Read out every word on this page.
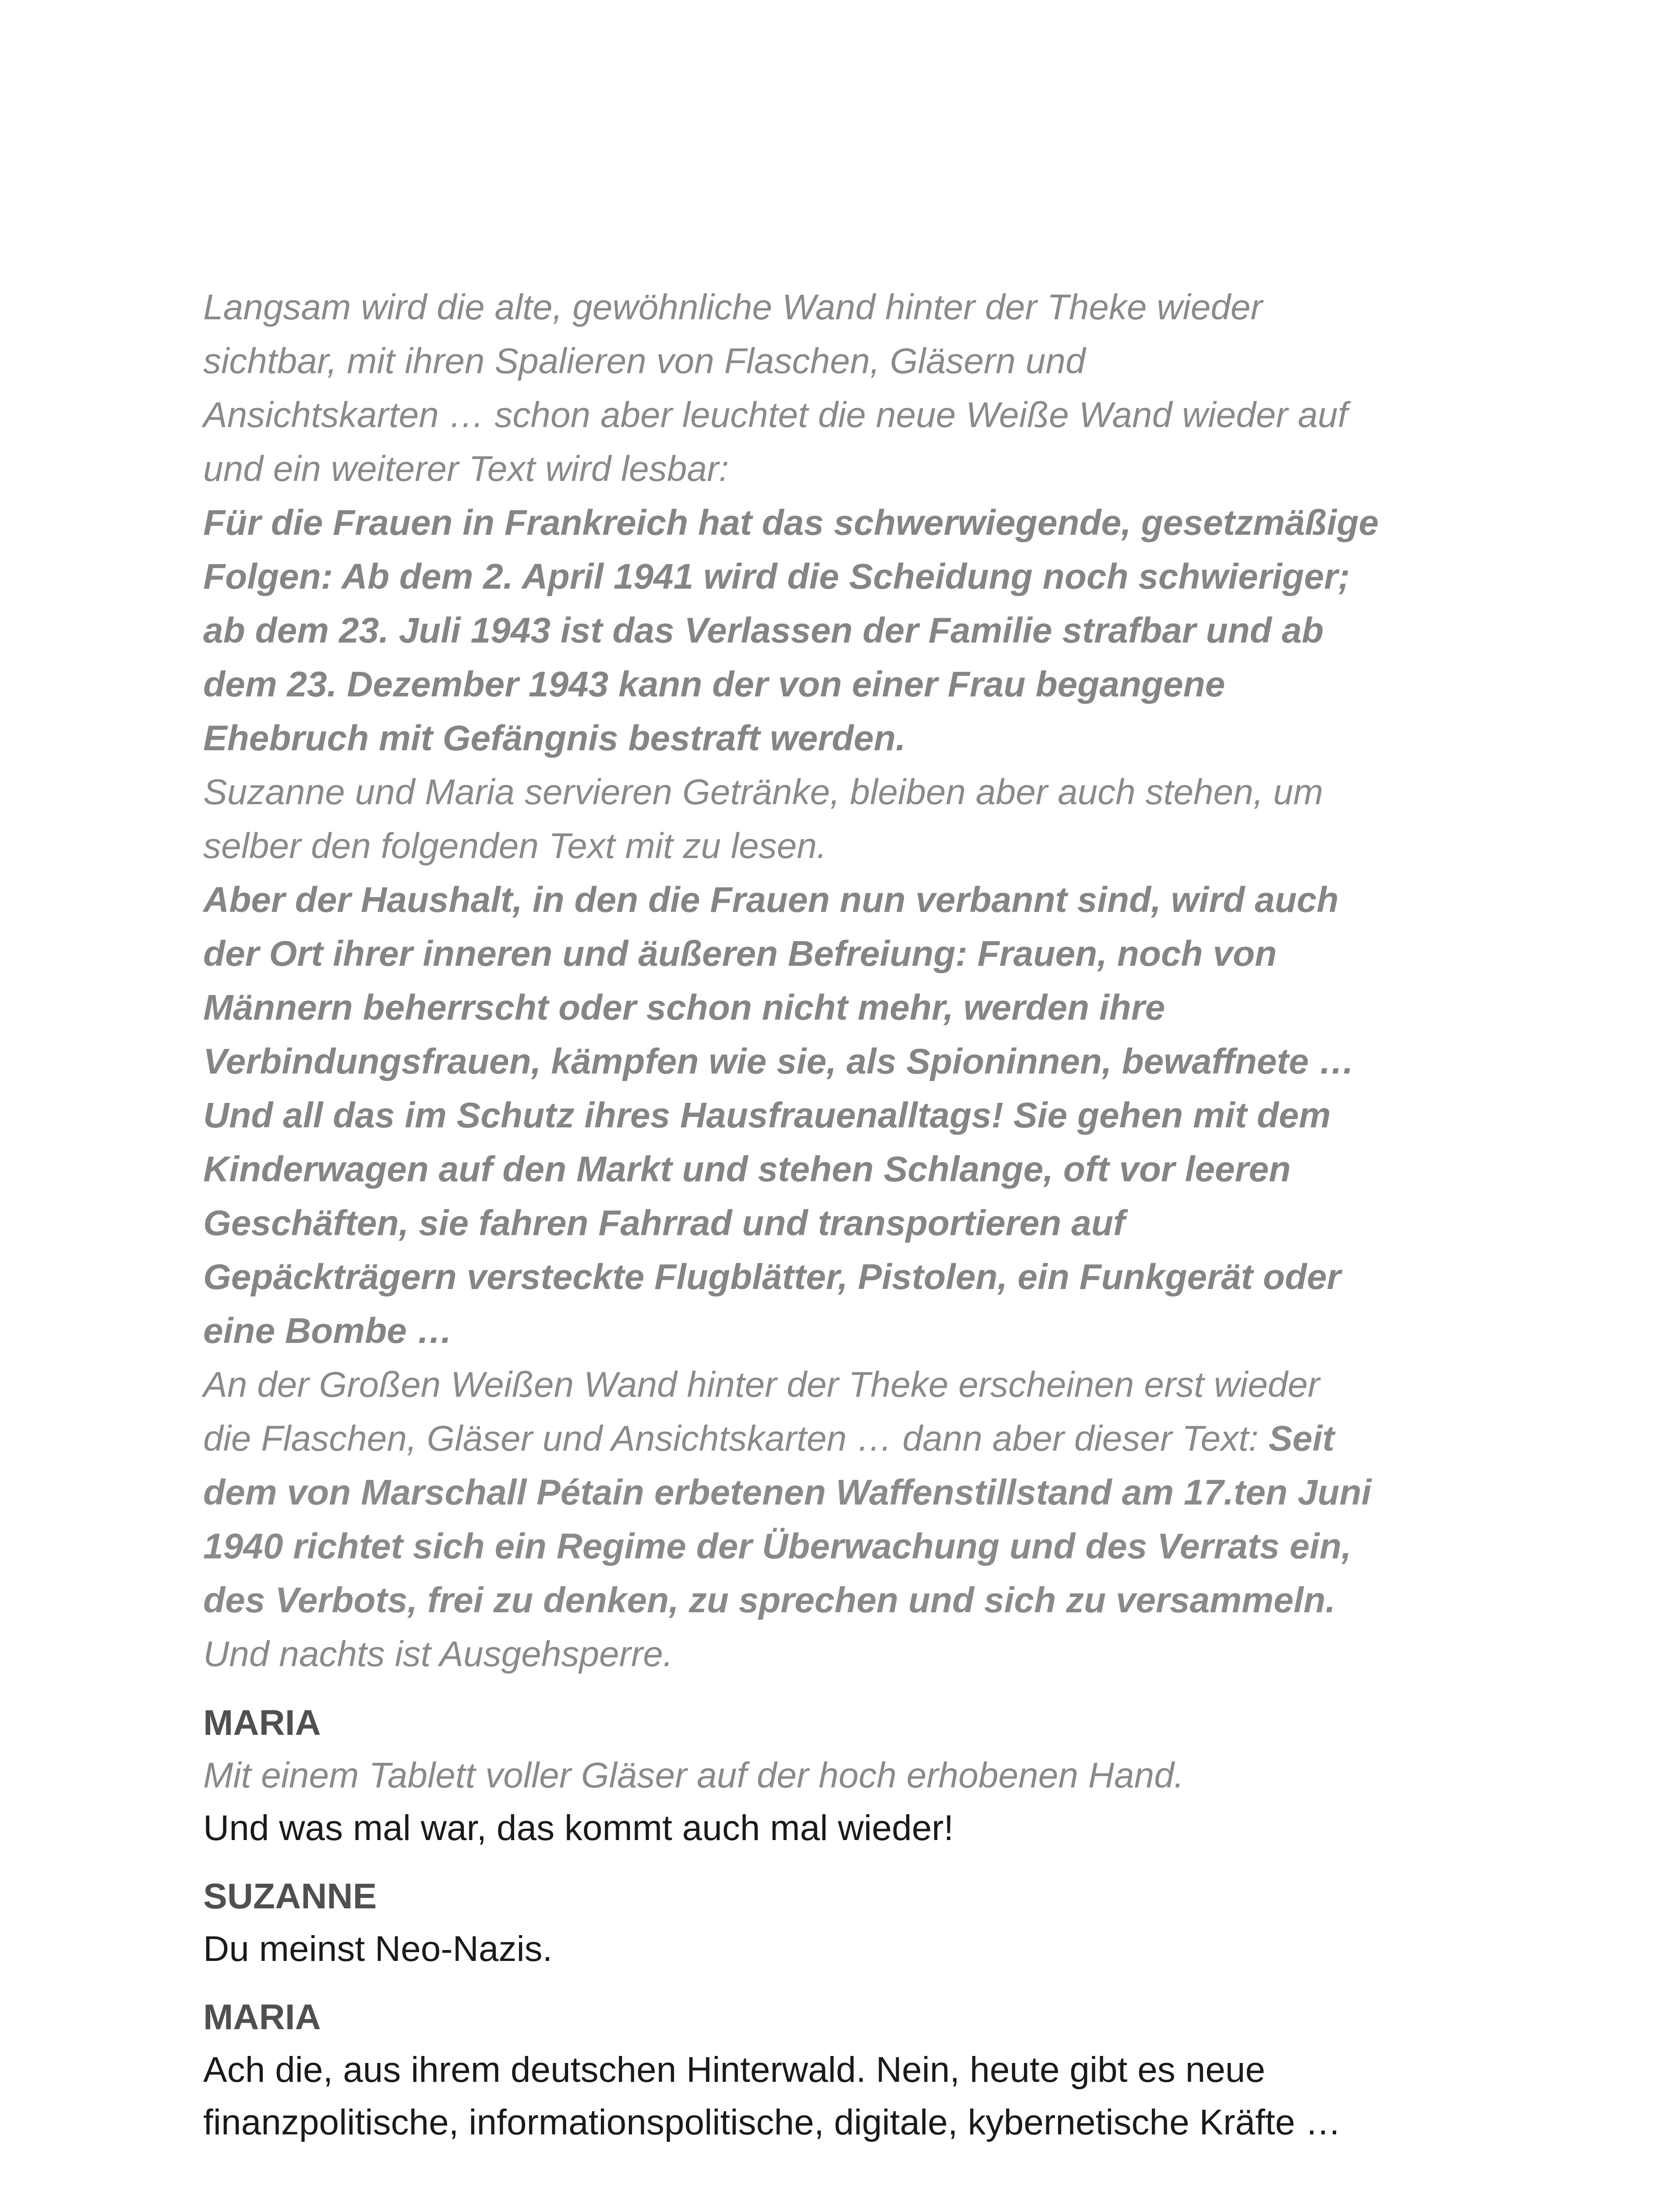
Langsam wird die alte, gewöhnliche Wand hinter der Theke wieder
sichtbar, mit ihren Spalieren von Flaschen, Gläsern und
Ansichtskarten … schon aber leuchtet die neue Weiße Wand wieder auf
und ein weiterer Text wird lesbar:

Für die Frauen in Frankreich hat das schwerwiegende, gesetzmäßige
Folgen: Ab dem 2. April 1941 wird die Scheidung noch schwieriger;
ab dem 23. Juli 1943 ist das Verlassen der Familie strafbar und ab
dem 23. Dezember 1943 kann der von einer Frau begangene
Ehebruch mit Gefängnis bestraft werden.

Suzanne und Maria servieren Getränke, bleiben aber auch stehen, um
selber den folgenden Text mit zu lesen.

Aber der Haushalt, in den die Frauen nun verbannt sind, wird auch
der Ort ihrer inneren und äußeren Befreiung: Frauen, noch von
Männern beherrscht oder schon nicht mehr, werden ihre
Verbindungsfrauen, kämpfen wie sie, als Spioninnen, bewaffnete …
Und all das im Schutz ihres Hausfrauenalltags! Sie gehen mit dem
Kinderwagen auf den Markt und stehen Schlange, oft vor leeren
Geschäften, sie fahren Fahrrad und transportieren auf
Gepäckträgern versteckte Flugblätter, Pistolen, ein Funkgerät oder
eine Bombe …

An der Großen Weißen Wand hinter der Theke erscheinen erst wieder
die Flaschen, Gläser und Ansichtskarten … dann aber dieser Text: Seit
dem von Marschall Pétain erbetenen Waffenstillstand am 17.ten Juni
1940 richtet sich ein Regime der Überwachung und des Verrats ein,
des Verbots, frei zu denken, zu sprechen und sich zu versammeln.
Und nachts ist Ausgehsperre.

MARIA

Mit einem Tablett voller Gläser auf der hoch erhobenen Hand.

Und was mal war, das kommt auch mal wieder!

SUZANNE

Du meinst Neo-Nazis.

MARIA

Ach die, aus ihrem deutschen Hinterwald. Nein, heute gibt es neue
finanzpolitische, informationspolitische, digitale, kybernetische Kräfte …
